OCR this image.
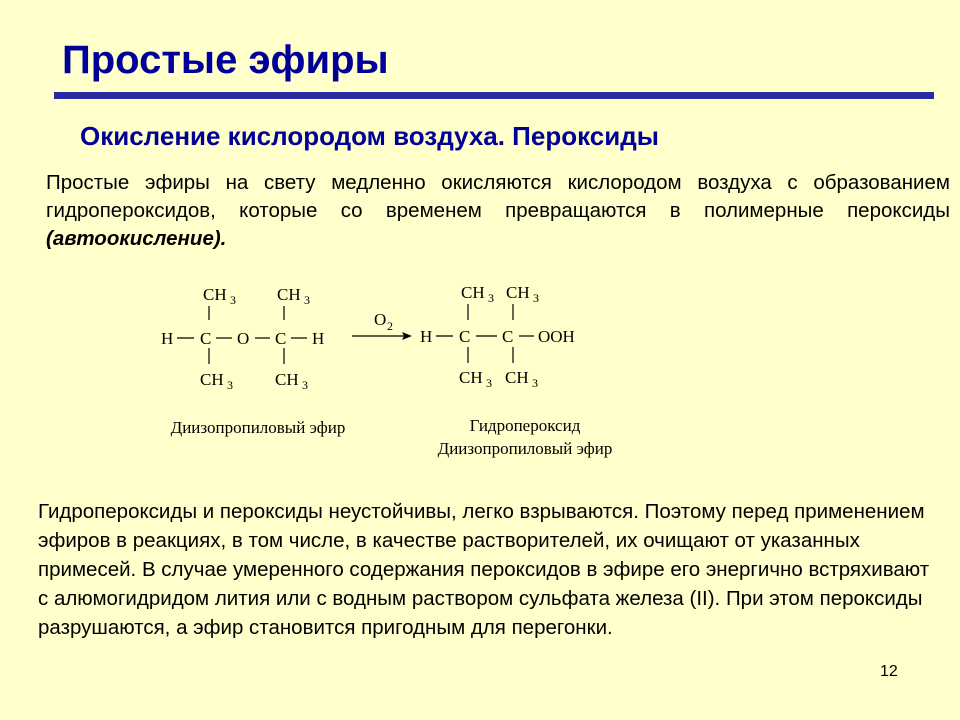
Простые эфиры
Окисление кислородом воздуха. Пероксиды
Простые эфиры на свету медленно окисляются кислородом воздуха с образованием гидропероксидов, которые со временем превращаются в полимерные пероксиды (автоокисление).
CH 3 CH 3
H C O C H
CH 3 CH 3
O 2
CH 3 CH 3
H C C OOH
CH 3 CH 3
Диизопропиловый эфир	Гидропероксид
Диизопропиловый эфир
Гидропероксиды и пероксиды неустойчивы, легко взрываются. Поэтому перед применением эфиров в реакциях, в том числе, в качестве растворителей, их очищают от указанных примесей. В случае умеренного содержания пероксидов в эфире его энергично встряхивают с алюмогидридом лития или с водным раствором сульфата железа (II). При этом пероксиды разрушаются, а эфир становится пригодным для перегонки.
12
